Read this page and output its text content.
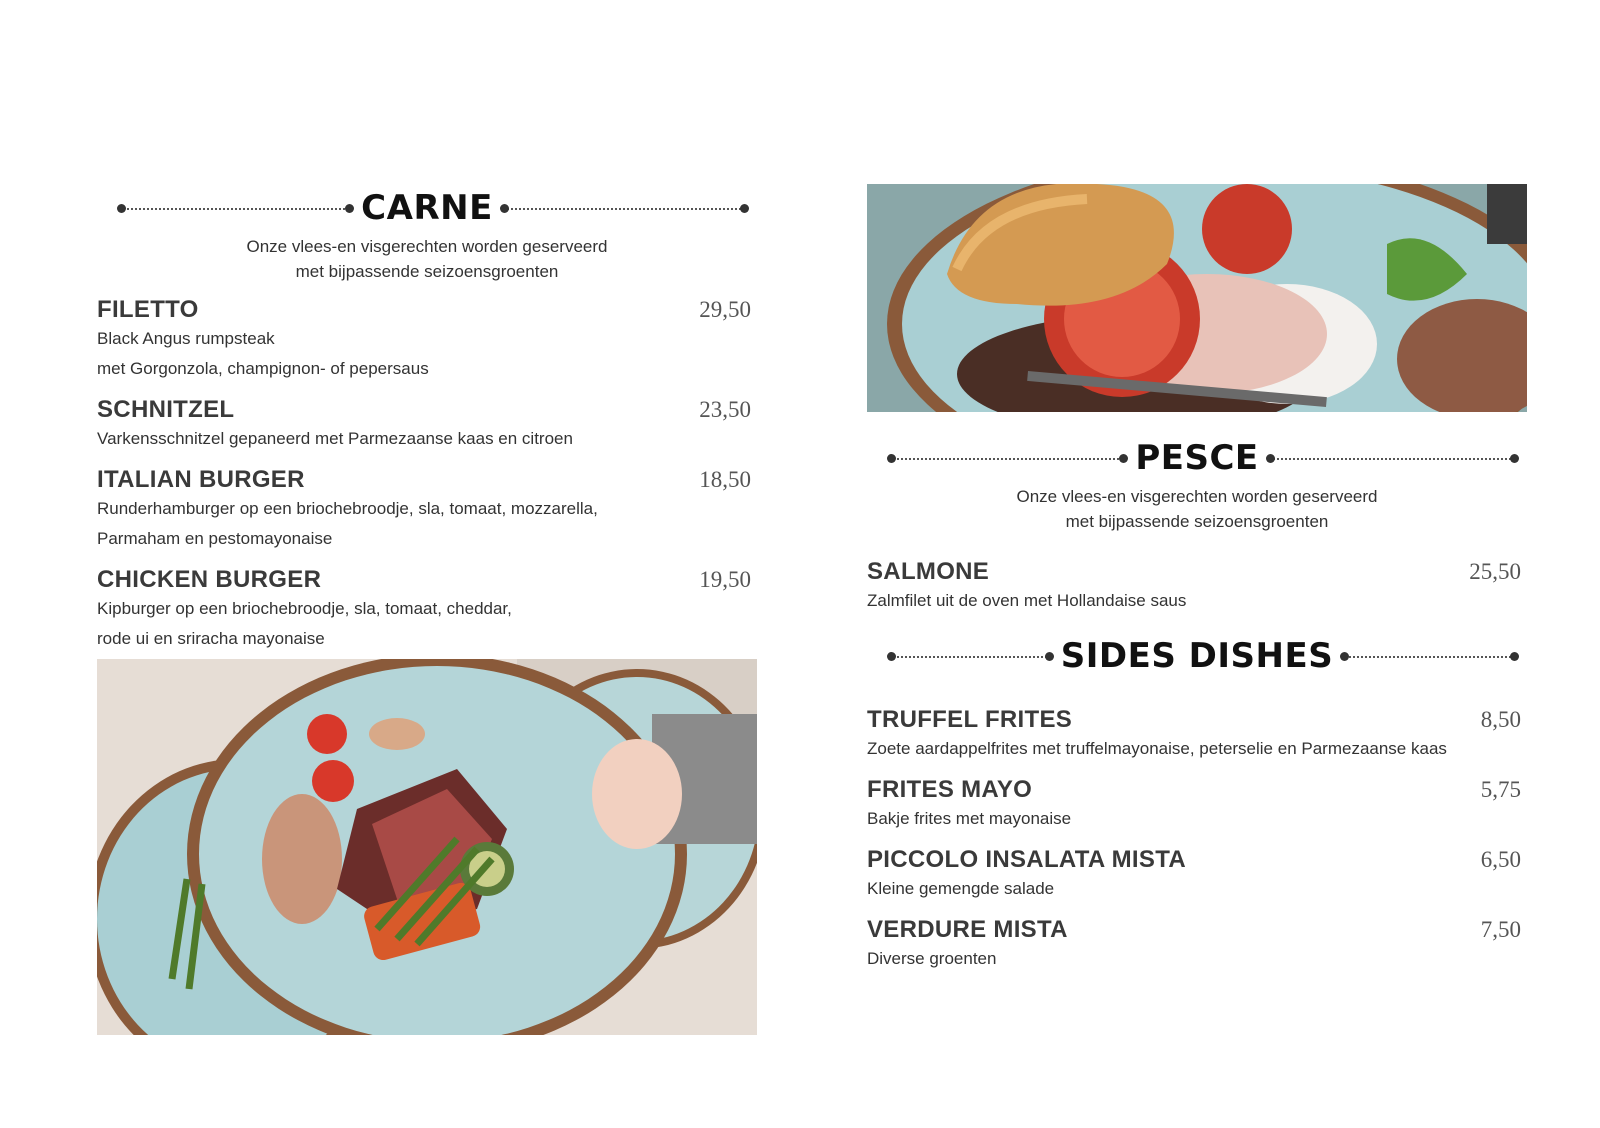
CARNE
Onze vlees-en visgerechten worden geserveerd
met bijpassende seizoensgroenten
FILETTO	29,50
Black Angus rumpsteak
met Gorgonzola, champignon- of pepersaus
SCHNITZEL	23,50
Varkensschnitzel gepaneerd met Parmezaanse kaas en citroen
ITALIAN BURGER	18,50
Runderhamburger op een briochebroodje, sla, tomaat, mozzarella,
Parmaham en pestomayonaise
CHICKEN BURGER	19,50
Kipburger op een briochebroodje, sla, tomaat, cheddar,
rode ui en sriracha mayonaise
PESCE
Onze vlees-en visgerechten worden geserveerd
met bijpassende seizoensgroenten
SALMONE	25,50
Zalmfilet uit de oven met Hollandaise saus
SIDES DISHES
TRUFFEL FRITES	8,50
Zoete aardappelfrites met truffelmayonaise, peterselie en Parmezaanse kaas
FRITES MAYO	5,75
Bakje frites met mayonaise
PICCOLO INSALATA MISTA	6,50
Kleine gemengde salade
VERDURE MISTA	7,50
Diverse groenten
